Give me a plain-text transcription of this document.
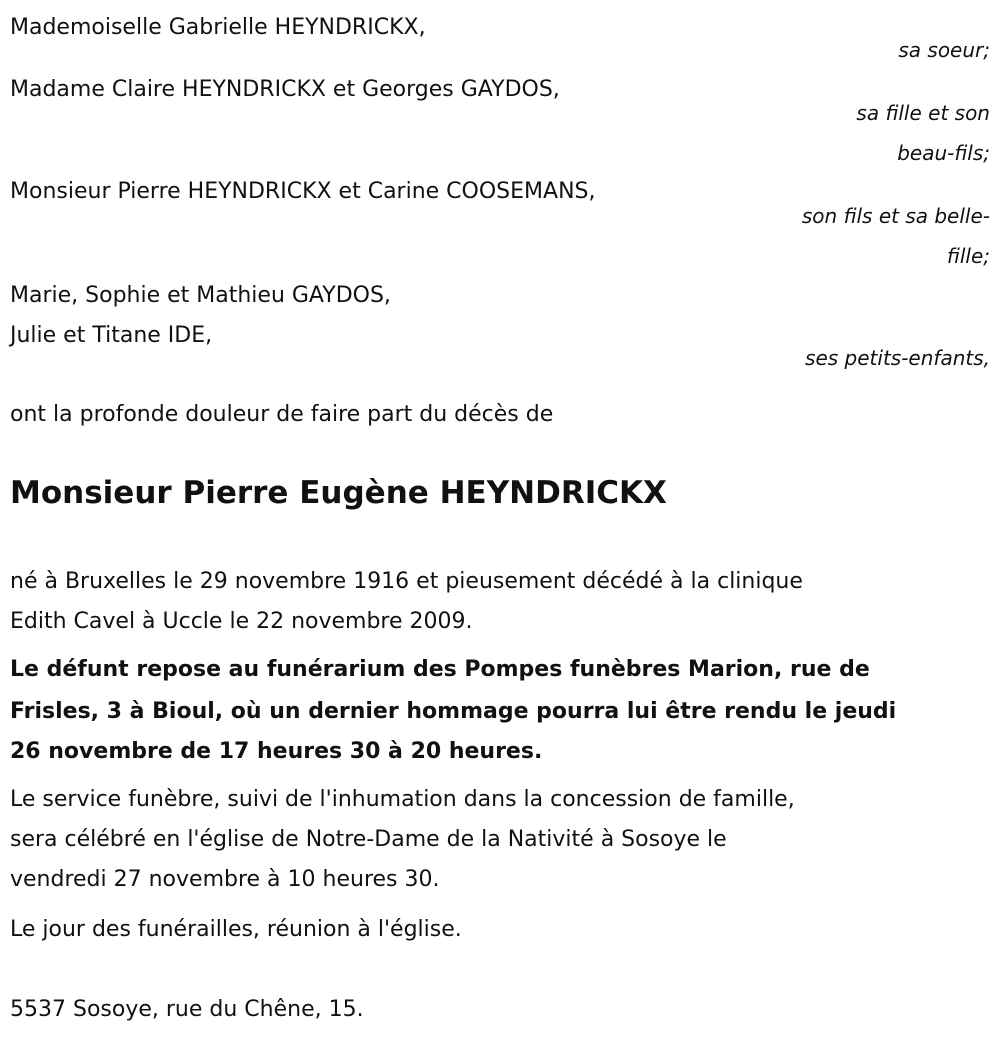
Mademoiselle Gabrielle HEYNDRICKX,
sa soeur;
Madame Claire HEYNDRICKX et Georges GAYDOS,
sa fille et son
beau-fils;
Monsieur Pierre HEYNDRICKX et Carine COOSEMANS,
son fils et sa belle-
fille;
Marie, Sophie et Mathieu GAYDOS,
Julie et Titane IDE,
ses petits-enfants,
ont la profonde douleur de faire part du décès de
Monsieur Pierre Eugène HEYNDRICKX
né à Bruxelles le 29 novembre 1916 et pieusement décédé à la clinique
Edith Cavel à Uccle le 22 novembre 2009.
Le défunt repose au funérarium des Pompes funèbres Marion, rue de
Frisles, 3 à Bioul, où un dernier hommage pourra lui être rendu le jeudi
26 novembre de 17 heures 30 à 20 heures.
Le service funèbre, suivi de l'inhumation dans la concession de famille,
sera célébré en l'église de Notre-Dame de la Nativité à Sosoye le
vendredi 27 novembre à 10 heures 30.
Le jour des funérailles, réunion à l'église.
5537 Sosoye, rue du Chêne, 15.
